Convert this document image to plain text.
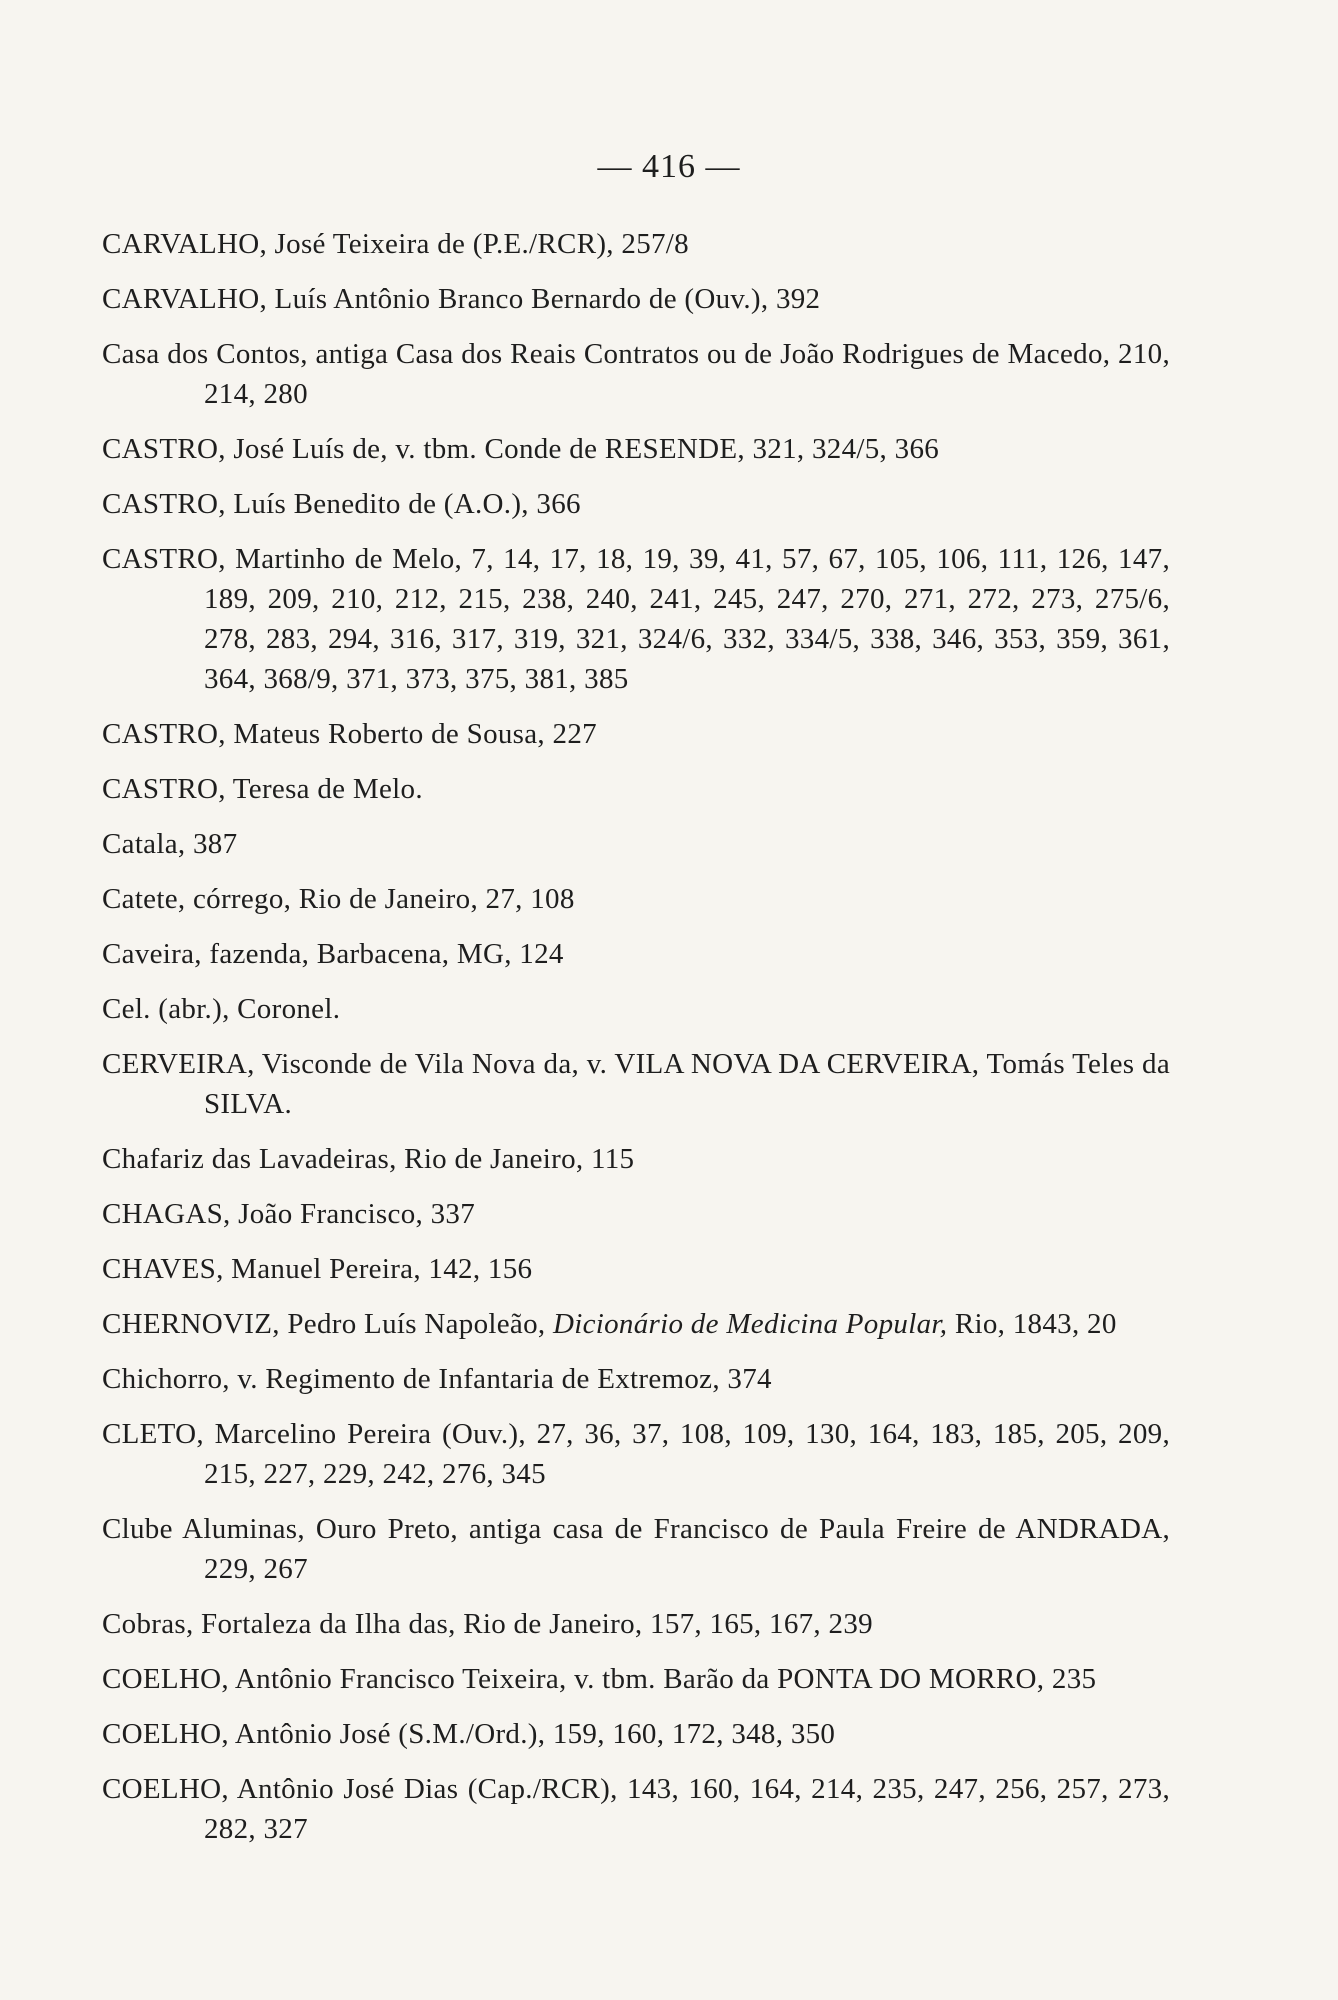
— 416 —

CARVALHO, José Teixeira de (P.E./RCR), 257/8

CARVALHO, Luís Antônio Branco Bernardo de (Ouv.), 392

Casa dos Contos, antiga Casa dos Reais Contratos ou de João Rodrigues de Macedo, 210, 214, 280

CASTRO, José Luís de, v. tbm. Conde de RESENDE, 321, 324/5, 366

CASTRO, Luís Benedito de (A.O.), 366

CASTRO, Martinho de Melo, 7, 14, 17, 18, 19, 39, 41, 57, 67, 105, 106, 111, 126, 147, 189, 209, 210, 212, 215, 238, 240, 241, 245, 247, 270, 271, 272, 273, 275/6, 278, 283, 294, 316, 317, 319, 321, 324/6, 332, 334/5, 338, 346, 353, 359, 361, 364, 368/9, 371, 373, 375, 381, 385

CASTRO, Mateus Roberto de Sousa, 227

CASTRO, Teresa de Melo.

Catala, 387

Catete, córrego, Rio de Janeiro, 27, 108

Caveira, fazenda, Barbacena, MG, 124

Cel. (abr.), Coronel.

CERVEIRA, Visconde de Vila Nova da, v. VILA NOVA DA CERVEIRA, Tomás Teles da SILVA.

Chafariz das Lavadeiras, Rio de Janeiro, 115

CHAGAS, João Francisco, 337

CHAVES, Manuel Pereira, 142, 156

CHERNOVIZ, Pedro Luís Napoleão, Dicionário de Medicina Popular, Rio, 1843, 20

Chichorro, v. Regimento de Infantaria de Extremoz, 374

CLETO, Marcelino Pereira (Ouv.), 27, 36, 37, 108, 109, 130, 164, 183, 185, 205, 209, 215, 227, 229, 242, 276, 345

Clube Aluminas, Ouro Preto, antiga casa de Francisco de Paula Freire de ANDRADA, 229, 267

Cobras, Fortaleza da Ilha das, Rio de Janeiro, 157, 165, 167, 239

COELHO, Antônio Francisco Teixeira, v. tbm. Barão da PONTA DO MORRO, 235

COELHO, Antônio José (S.M./Ord.), 159, 160, 172, 348, 350

COELHO, Antônio José Dias (Cap./RCR), 143, 160, 164, 214, 235, 247, 256, 257, 273, 282, 327
